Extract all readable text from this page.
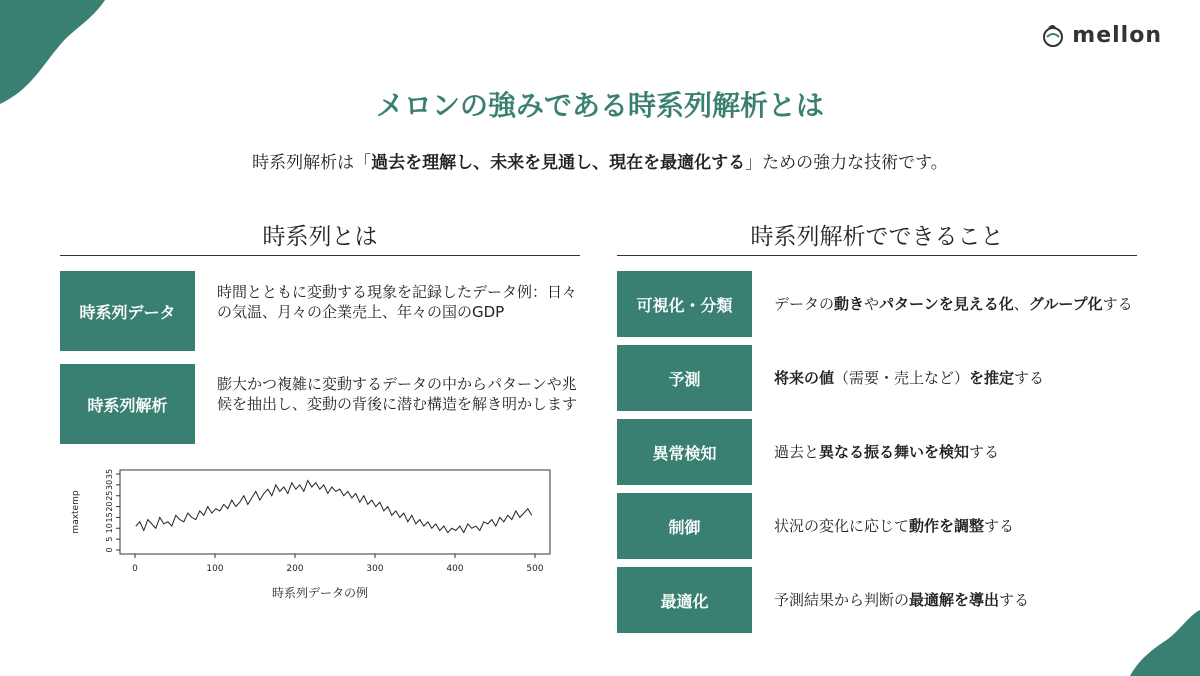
mellon
メロンの強みである時系列解析とは
時系列解析は「過去を理解し、未来を見通し、現在を最適化する」ための強力な技術です。
時系列とは
時系列データ
時間とともに変動する現象を記録したデータ例：日々の気温、月々の企業売上、年々の国のGDP
時系列解析
膨大かつ複雑に変動するデータの中からパターンや兆候を抽出し、変動の背後に潜む構造を解き明かします
0	100	200	300	400	500
0
5
10
15
20
25
30
35
maxtemp
時系列データの例
時系列解析でできること
可視化・分類	データの動きやパターンを見える化、グループ化する
予測	将来の値（需要・売上など）を推定する
異常検知	過去と異なる振る舞いを検知する
制御	状況の変化に応じて動作を調整する
最適化	予測結果から判断の最適解を導出する
